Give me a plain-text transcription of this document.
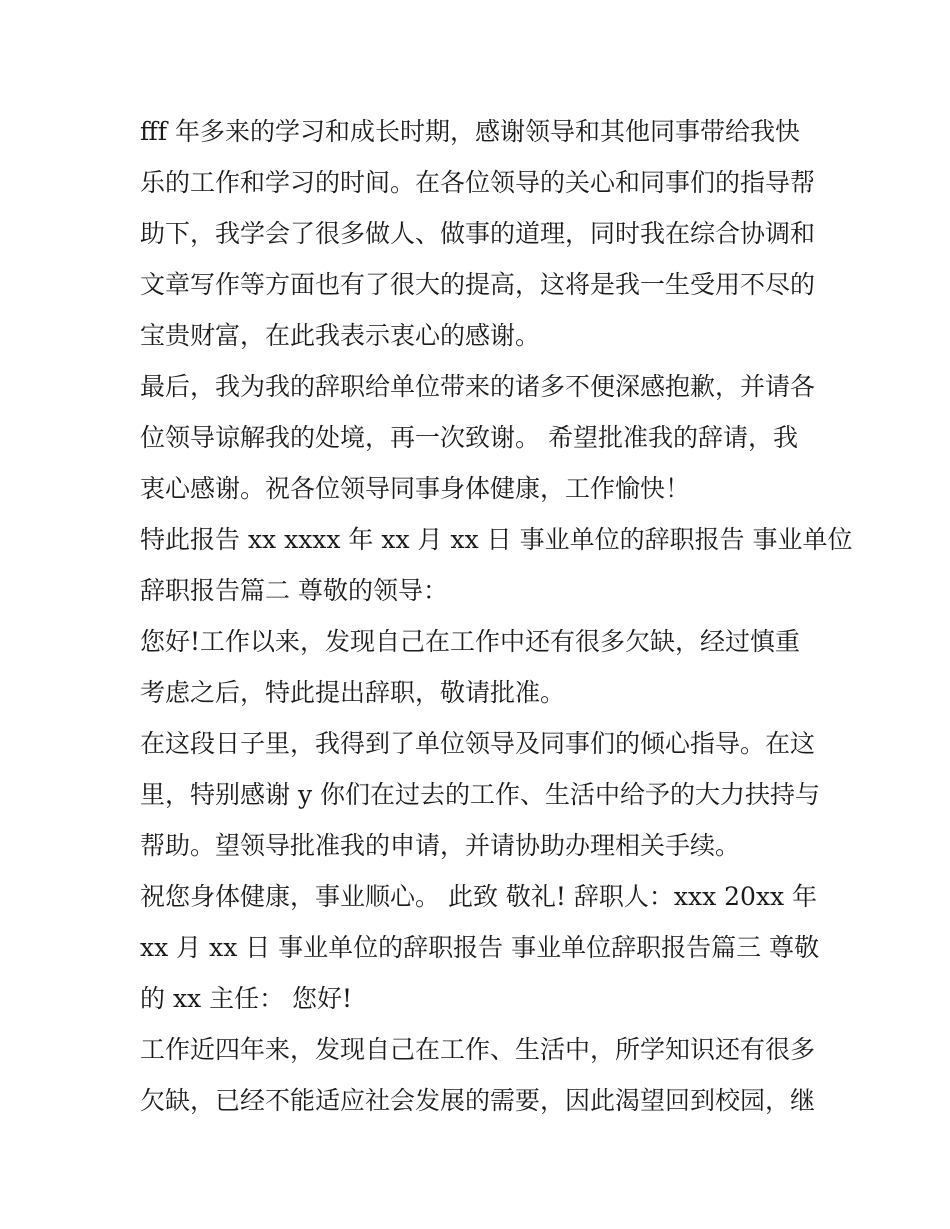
fff 年多来的学习和成长时期，感谢领导和其他同事带给我快
乐的工作和学习的时间。在各位领导的关心和同事们的指导帮
助下，我学会了很多做人、做事的道理，同时我在综合协调和
文章写作等方面也有了很大的提高，这将是我一生受用不尽的
宝贵财富，在此我表示衷心的感谢。

最后，我为我的辞职给单位带来的诸多不便深感抱歉，并请各
位领导谅解我的处境，再一次致谢。 希望批准我的辞请，我
衷心感谢。祝各位领导同事身体健康，工作愉快！

特此报告 xx xxxx 年 xx 月 xx 日 事业单位的辞职报告 事业单位
辞职报告篇二 尊敬的领导：

您好!工作以来，发现自己在工作中还有很多欠缺，经过慎重
考虑之后，特此提出辞职，敬请批准。

在这段日子里，我得到了单位领导及同事们的倾心指导。在这
里，特别感谢 y 你们在过去的工作、生活中给予的大力扶持与
帮助。望领导批准我的申请，并请协助办理相关手续。

祝您身体健康，事业顺心。 此致 敬礼! 辞职人：xxx 20xx 年
xx 月 xx 日 事业单位的辞职报告 事业单位辞职报告篇三 尊敬
的 xx 主任： 您好!

工作近四年来，发现自己在工作、生活中，所学知识还有很多
欠缺，已经不能适应社会发展的需要，因此渴望回到校园，继
